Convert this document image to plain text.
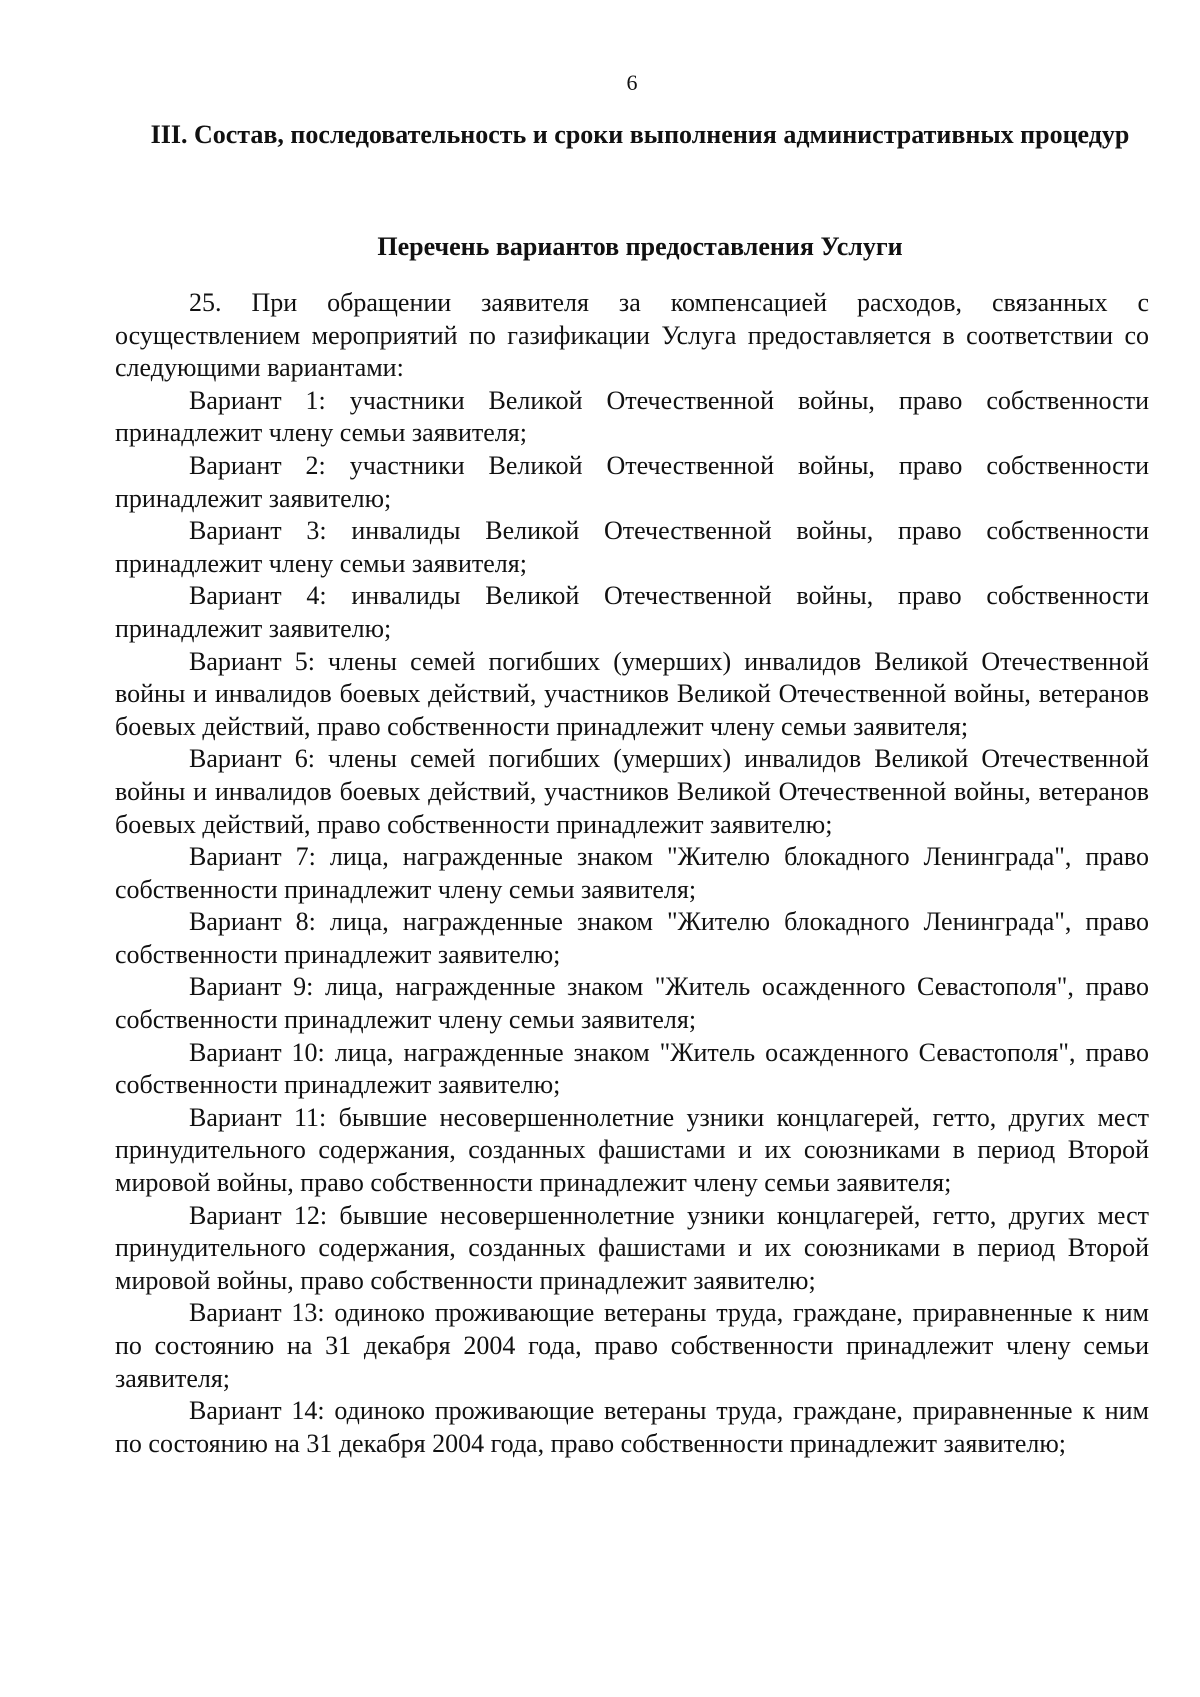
6
III. Состав, последовательность и сроки выполнения административных процедур
Перечень вариантов предоставления Услуги

25. При обращении заявителя за компенсацией расходов, связанных с осуществлением мероприятий по газификации Услуга предоставляется в соответствии со следующими вариантами:

Вариант 1: участники Великой Отечественной войны, право собственности принадлежит члену семьи заявителя;

Вариант 2: участники Великой Отечественной войны, право собственности принадлежит заявителю;

Вариант 3: инвалиды Великой Отечественной войны, право собственности принадлежит члену семьи заявителя;

Вариант 4: инвалиды Великой Отечественной войны, право собственности принадлежит заявителю;

Вариант 5: члены семей погибших (умерших) инвалидов Великой Отечественной войны и инвалидов боевых действий, участников Великой Отечественной войны, ветеранов боевых действий, право собственности принадлежит члену семьи заявителя;

Вариант 6: члены семей погибших (умерших) инвалидов Великой Отечественной войны и инвалидов боевых действий, участников Великой Отечественной войны, ветеранов боевых действий, право собственности принадлежит заявителю;

Вариант 7: лица, награжденные знаком "Жителю блокадного Ленинграда", право собственности принадлежит члену семьи заявителя;

Вариант 8: лица, награжденные знаком "Жителю блокадного Ленинграда", право собственности принадлежит заявителю;

Вариант 9: лица, награжденные знаком "Житель осажденного Севастополя", право собственности принадлежит члену семьи заявителя;

Вариант 10: лица, награжденные знаком "Житель осажденного Севастополя", право собственности принадлежит заявителю;

Вариант 11: бывшие несовершеннолетние узники концлагерей, гетто, других мест принудительного содержания, созданных фашистами и их союзниками в период Второй мировой войны, право собственности принадлежит члену семьи заявителя;

Вариант 12: бывшие несовершеннолетние узники концлагерей, гетто, других мест принудительного содержания, созданных фашистами и их союзниками в период Второй мировой войны, право собственности принадлежит заявителю;

Вариант 13: одиноко проживающие ветераны труда, граждане, приравненные к ним по состоянию на 31 декабря 2004 года, право собственности принадлежит члену семьи заявителя;

Вариант 14: одиноко проживающие ветераны труда, граждане, приравненные к ним по состоянию на 31 декабря 2004 года, право собственности принадлежит заявителю;
